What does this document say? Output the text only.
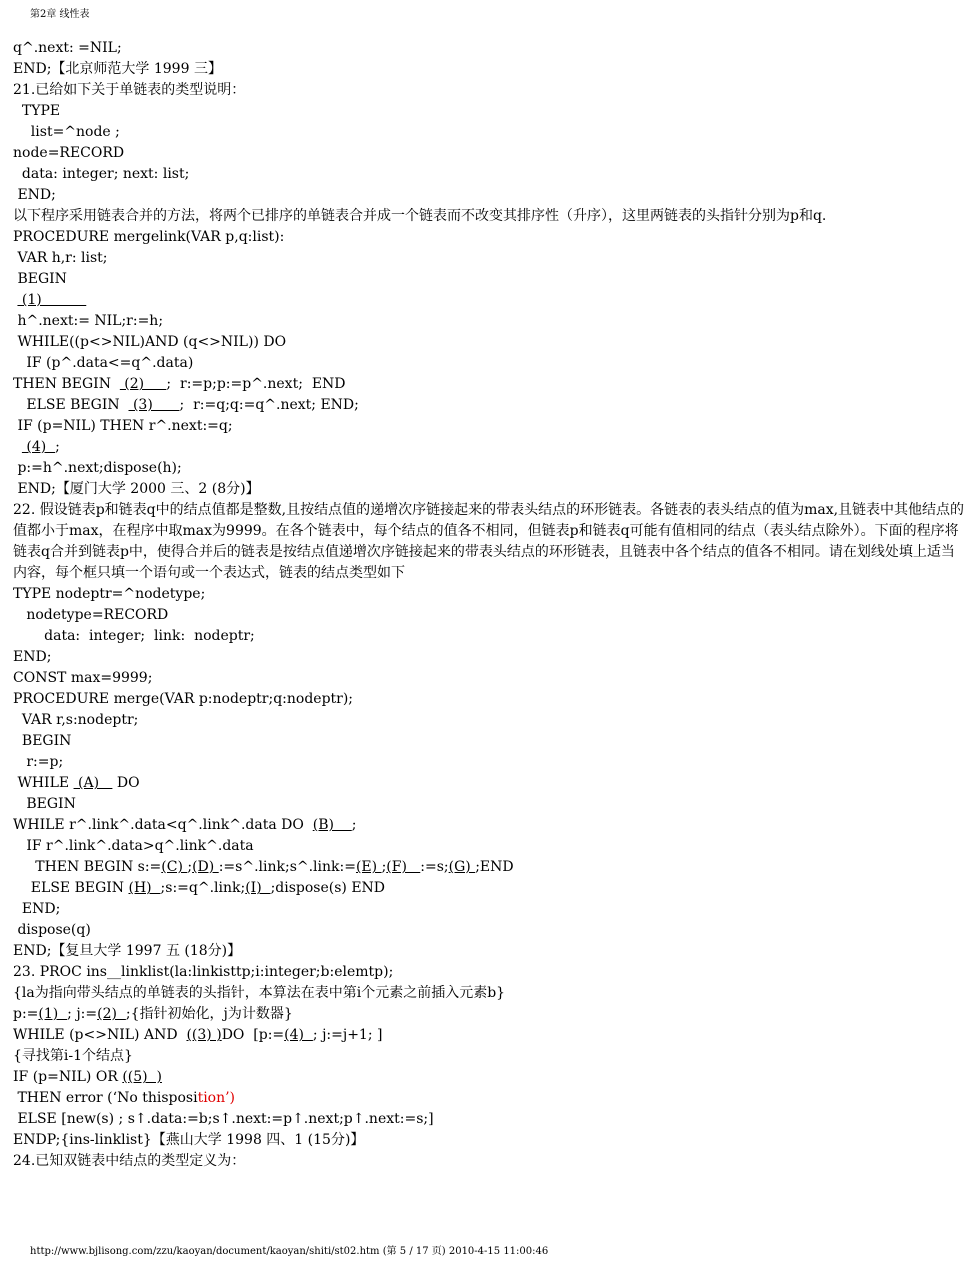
第2章 线性表
q^.next: =NIL;
END;【北京师范大学 1999 三】
21.已给如下关于单链表的类型说明：
TYPE
list=^node ;
node=RECORD
data: integer; next: list;
END;
以下程序采用链表合并的方法，将两个已排序的单链表合并成一个链表而不改变其排序性（升序），这里两链表的头指针分别为p和q.
PROCEDURE mergelink(VAR p,q:list):
VAR h,r: list;
BEGIN
(1)
h^.next:= NIL;r:=h;
WHILE((p<>NIL)AND (q<>NIL)) DO
IF (p^.data<=q^.data)
THEN BEGIN   (2)     ;  r:=p;p:=p^.next;  END
ELSE BEGIN   (3)      ;  r:=q;q:=q^.next; END;
IF (p=NIL) THEN r^.next:=q;
(4)  ;
p:=h^.next;dispose(h);
END;【厦门大学 2000 三、2 (8分)】
22. 假设链表p和链表q中的结点值都是整数,且按结点值的递增次序链接起来的带表头结点的环形链表。各链表的表头结点的值为max,且链表中其他结点的值都小于max，在程序中取max为9999。在各个链表中，每个结点的值各不相同，但链表p和链表q可能有值相同的结点（表头结点除外）。下面的程序将链表q合并到链表p中，使得合并后的链表是按结点值递增次序链接起来的带表头结点的环形链表，且链表中各个结点的值各不相同。请在划线处填上适当内容，每个框只填一个语句或一个表达式，链表的结点类型如下
TYPE nodeptr=^nodetype;
nodetype=RECORD
data:  integer;  link:  nodeptr;
END;
CONST max=9999;
PROCEDURE merge(VAR p:nodeptr;q:nodeptr);
VAR r,s:nodeptr;
BEGIN
r:=p;
WHILE  (A)    DO
BEGIN
WHILE r^.link^.data<q^.link^.data DO  (B)    ;
IF r^.link^.data>q^.link^.data
THEN BEGIN s:=(C) ;(D) :=s^.link;s^.link:=(E) ;(F)   :=s;(G) ;END
ELSE BEGIN (H)  ;s:=q^.link;(I)  ;dispose(s) END
END;
dispose(q)
END;【复旦大学 1997 五 (18分)】
23. PROC ins__linklist(la:linkisttp;i:integer;b:elemtp);
{la为指向带头结点的单链表的头指针，本算法在表中第i个元素之前插入元素b}
p:=(1)  ; j:=(2)  ;{指针初始化，j为计数器}
WHILE (p<>NIL) AND  ((3) )DO  [p:=(4)  ; j:=j+1; ]
{寻找第i-1个结点}
IF (p=NIL) OR ((5)  )
THEN error (‘No thisposition’)
ELSE [new(s) ; s↑.data:=b;s↑.next:=p↑.next;p↑.next:=s;]
ENDP;{ins-linklist}【燕山大学 1998 四、1 (15分)】
24.已知双链表中结点的类型定义为：
http://www.bjlisong.com/zzu/kaoyan/document/kaoyan/shiti/st02.htm (第 5 / 17 页) 2010-4-15 11:00:46
